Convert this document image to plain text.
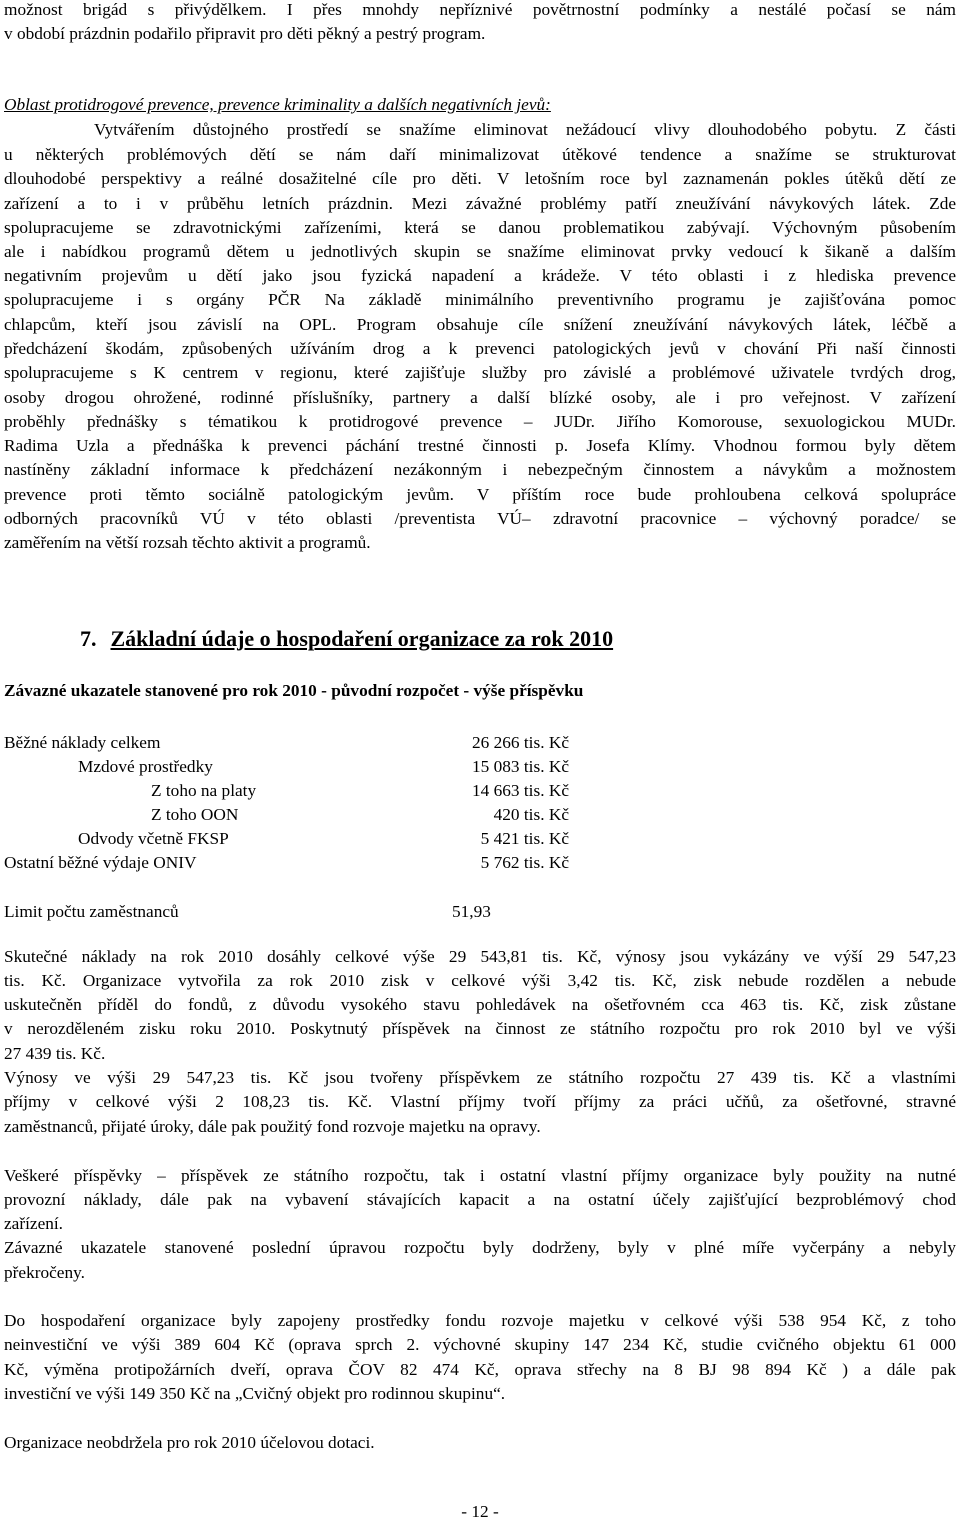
možnost brigád s přivýdělkem. I přes mnohdy nepříznivé povětrnostní podmínky a nestálé počasí se nám
v období prázdnin podařilo připravit pro děti pěkný a pestrý program.
Oblast protidrogové prevence, prevence kriminality a dalších negativních jevů:
Vytvářením důstojného prostředí se snažíme eliminovat nežádoucí vlivy dlouhodobého pobytu. Z části
u některých problémových dětí se nám daří minimalizovat útěkové tendence a snažíme se strukturovat
dlouhodobé perspektivy a reálné dosažitelné cíle pro děti. V letošním roce byl zaznamenán pokles útěků dětí ze
zařízení a to i v průběhu letních prázdnin. Mezi závažné problémy patří zneužívání návykových látek. Zde
spolupracujeme se zdravotnickými zařízeními, která se danou problematikou zabývají. Výchovným působením
ale i nabídkou programů dětem u jednotlivých skupin se snažíme eliminovat prvky vedoucí k šikaně a dalším
negativním projevům u dětí jako jsou fyzická napadení a krádeže. V této oblasti i z hlediska prevence
spolupracujeme i s orgány PČR Na základě minimálního preventivního programu je zajišťována pomoc
chlapcům, kteří jsou závislí na OPL. Program obsahuje cíle snížení zneužívání návykových látek, léčbě a
předcházení škodám, způsobených užíváním drog a k prevenci patologických jevů v chování Při naší činnosti
spolupracujeme s K centrem v regionu, které zajišťuje služby pro závislé a problémové uživatele tvrdých drog,
osoby drogou ohrožené, rodinné příslušníky, partnery a další blízké osoby, ale i pro veřejnost. V zařízení
proběhly přednášky s tématikou k protidrogové prevence – JUDr. Jiřího Komorouse, sexuologickou MUDr.
Radima Uzla a přednáška k prevenci páchání trestné činnosti p. Josefa Klímy. Vhodnou formou byly dětem
nastíněny základní informace k předcházení nezákonným i nebezpečným činnostem a návykům a možnostem
prevence proti těmto sociálně patologickým jevům. V příštím roce bude prohloubena celková spolupráce
odborných pracovníků VÚ v této oblasti /preventista VÚ– zdravotní pracovnice – výchovný poradce/ se
zaměřením na větší rozsah těchto aktivit a programů.
7. Základní údaje o hospodaření organizace za rok 2010
Závazné ukazatele stanovené pro rok 2010 - původní rozpočet - výše příspěvku
Běžné náklady celkem	26 266 tis. Kč
Mzdové prostředky	15 083 tis. Kč
Z toho na platy	14 663 tis. Kč
Z toho OON	420 tis. Kč
Odvody včetně FKSP	5 421 tis. Kč
Ostatní běžné výdaje ONIV	5 762 tis. Kč
Limit počtu zaměstnanců	51,93
Skutečné náklady na rok 2010 dosáhly celkové výše 29 543,81 tis. Kč, výnosy jsou vykázány ve výší 29 547,23
tis. Kč. Organizace vytvořila za rok 2010 zisk v celkové výši 3,42 tis. Kč, zisk nebude rozdělen a nebude
uskutečněn příděl do fondů, z důvodu vysokého stavu pohledávek na ošetřovném cca 463 tis. Kč, zisk zůstane
v nerozděleném zisku roku 2010. Poskytnutý příspěvek na činnost ze státního rozpočtu pro rok 2010 byl ve výši
27 439 tis. Kč.
Výnosy ve výši 29 547,23 tis. Kč jsou tvořeny příspěvkem ze státního rozpočtu 27 439 tis. Kč a vlastními
příjmy v celkové výši 2 108,23 tis. Kč. Vlastní příjmy tvoří příjmy za práci učňů, za ošetřovné, stravné
zaměstnanců, přijaté úroky, dále pak použitý fond rozvoje majetku na opravy.
Veškeré příspěvky – příspěvek ze státního rozpočtu, tak i ostatní vlastní příjmy organizace byly použity na nutné
provozní náklady, dále pak na vybavení stávajících kapacit a na ostatní účely zajišťující bezproblémový chod
zařízení.
Závazné ukazatele stanovené poslední úpravou rozpočtu byly dodrženy, byly v plné míře vyčerpány a nebyly
překročeny.
Do hospodaření organizace byly zapojeny prostředky fondu rozvoje majetku v celkové výši 538 954 Kč, z toho
neinvestiční ve výši 389 604 Kč (oprava sprch 2. výchovné skupiny 147 234 Kč, studie cvičného objektu 61 000
Kč, výměna protipožárních dveří, oprava ČOV 82 474 Kč, oprava střechy na 8 BJ 98 894 Kč ) a dále pak
investiční ve výši 149 350 Kč na „Cvičný objekt pro rodinnou skupinu“.
Organizace neobdržela pro rok 2010 účelovou dotaci.
- 12 -
